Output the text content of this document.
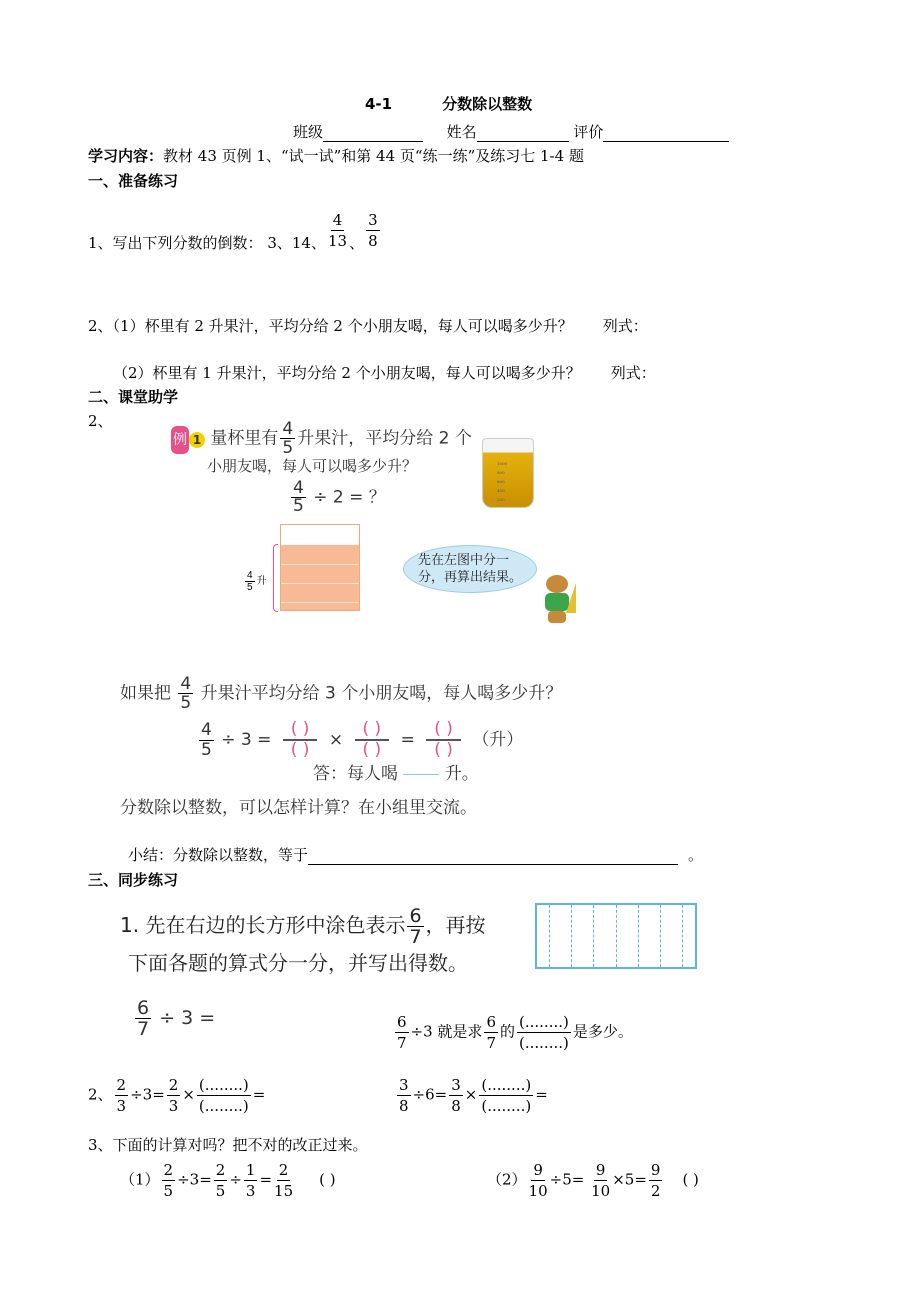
4-1	分数除以整数
班级	姓名	评价
学习内容：教材 43 页例 1、“试一试”和第 44 页“练一练”及练习七 1-4 题
一、准备练习
1、写出下列分数的倒数： 3、14、 $\frac{4}{13}$ 、 $\frac{3}{8}$
2、（1）杯里有 2 升果汁，平均分给 2 个小朋友喝，每人可以喝多少升？ 列式：
（2）杯里有 1 升果汁，平均分给 2 个小朋友喝，每人可以喝多少升？ 列式：
二、课堂助学
2、
例 1 量杯里有 $\frac{4}{5}$ 升果汁，平均分给 2 个
小朋友喝，每人可以喝多少升？
$\frac{4}{5} \div 2$ = ？
$\frac{4}{5}$ 升
1000
800
600
400
200
先在左图中分一分，再算出结果。
如果把 $\frac{4}{5}$ 升果汁平均分给 3 个小朋友喝，每人喝多少升？
$\frac{4}{5} \div 3$ =
( )
( ) ×
( )
( ) =
( )
( ) （升）
答：每人喝	升。
分数除以整数，可以怎样计算？在小组里交流。
小结：分数除以整数，等于	。
三、同步练习
1. 先在右边的长方形中涂色表示 $\frac{6}{7}$ ，再按
下面各题的算式分一分，并写出得数。
$\frac{6}{7} \div 3$ =	$\frac{6}{7} \div 3$ 就是求 $\frac{6}{7}$ 的
(........)
(........)
是多少。
2、 $\frac{2}{3} \div 3= \frac{2}{3}$ ×
(........)
(........)
=	$\frac{3}{8} \div 6= \frac{3}{8}$ ×
(........)
(........)
=
3、下面的计算对吗？把不对的改正过来。
$(1) \frac{2}{5} \div 3= \frac{2}{5} \div \frac{1}{3} = \frac{2}{15}$ ( )	$(2) \frac{9}{10} \div 5= \frac{9}{10} \times 5= \frac{9}{2}$ ( )
